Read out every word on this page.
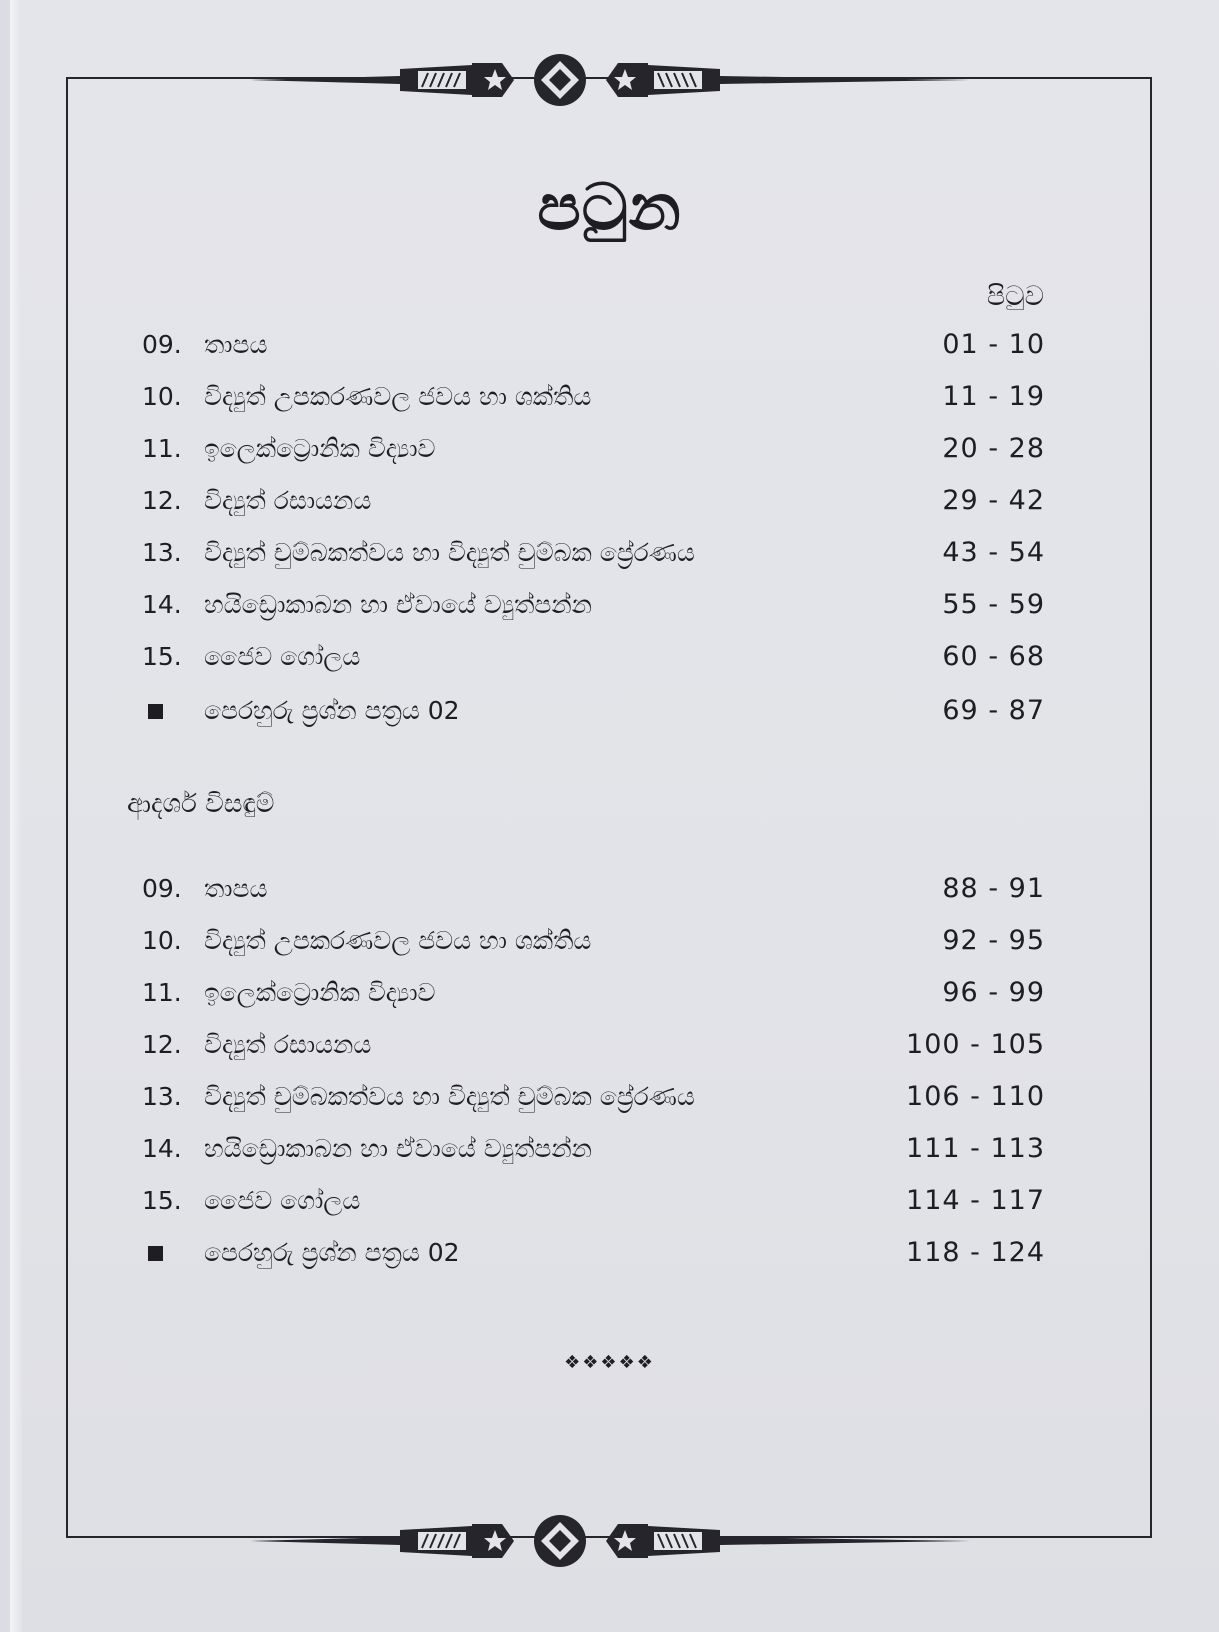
පටුන
පිටුව
09. තාපය	01 - 10
10. විද්‍යුත් උපකරණවල ජවය හා ශක්තිය	11 - 19
11. ඉලෙක්ට්‍රොනික විද්‍යාව	20 - 28
12. විද්‍යුත් රසායනය	29 - 42
13. විද්‍යුත් චුම්බකත්වය හා විද්‍යුත් චුම්බක ප්‍රේරණය	43 - 54
14. හයිඩ්‍රොකාබන හා ඒවායේ ව්‍යුත්පන්න	55 - 59
15. ජෛව ගෝලය	60 - 68
පෙරහුරු ප්‍රශ්න පත්‍රය 02	69 - 87
ආදර්ශ විසඳුම්
09. තාපය	88 - 91
10. විද්‍යුත් උපකරණවල ජවය හා ශක්තිය	92 - 95
11. ඉලෙක්ට්‍රොනික විද්‍යාව	96 - 99
12. විද්‍යුත් රසායනය	100 - 105
13. විද්‍යුත් චුම්බකත්වය හා විද්‍යුත් චුම්බක ප්‍රේරණය	106 - 110
14. හයිඩ්‍රොකාබන හා ඒවායේ ව්‍යුත්පන්න	111 - 113
15. ජෛව ගෝලය	114 - 117
පෙරහුරු ප්‍රශ්න පත්‍රය 02	118 - 124
❖❖❖❖❖
